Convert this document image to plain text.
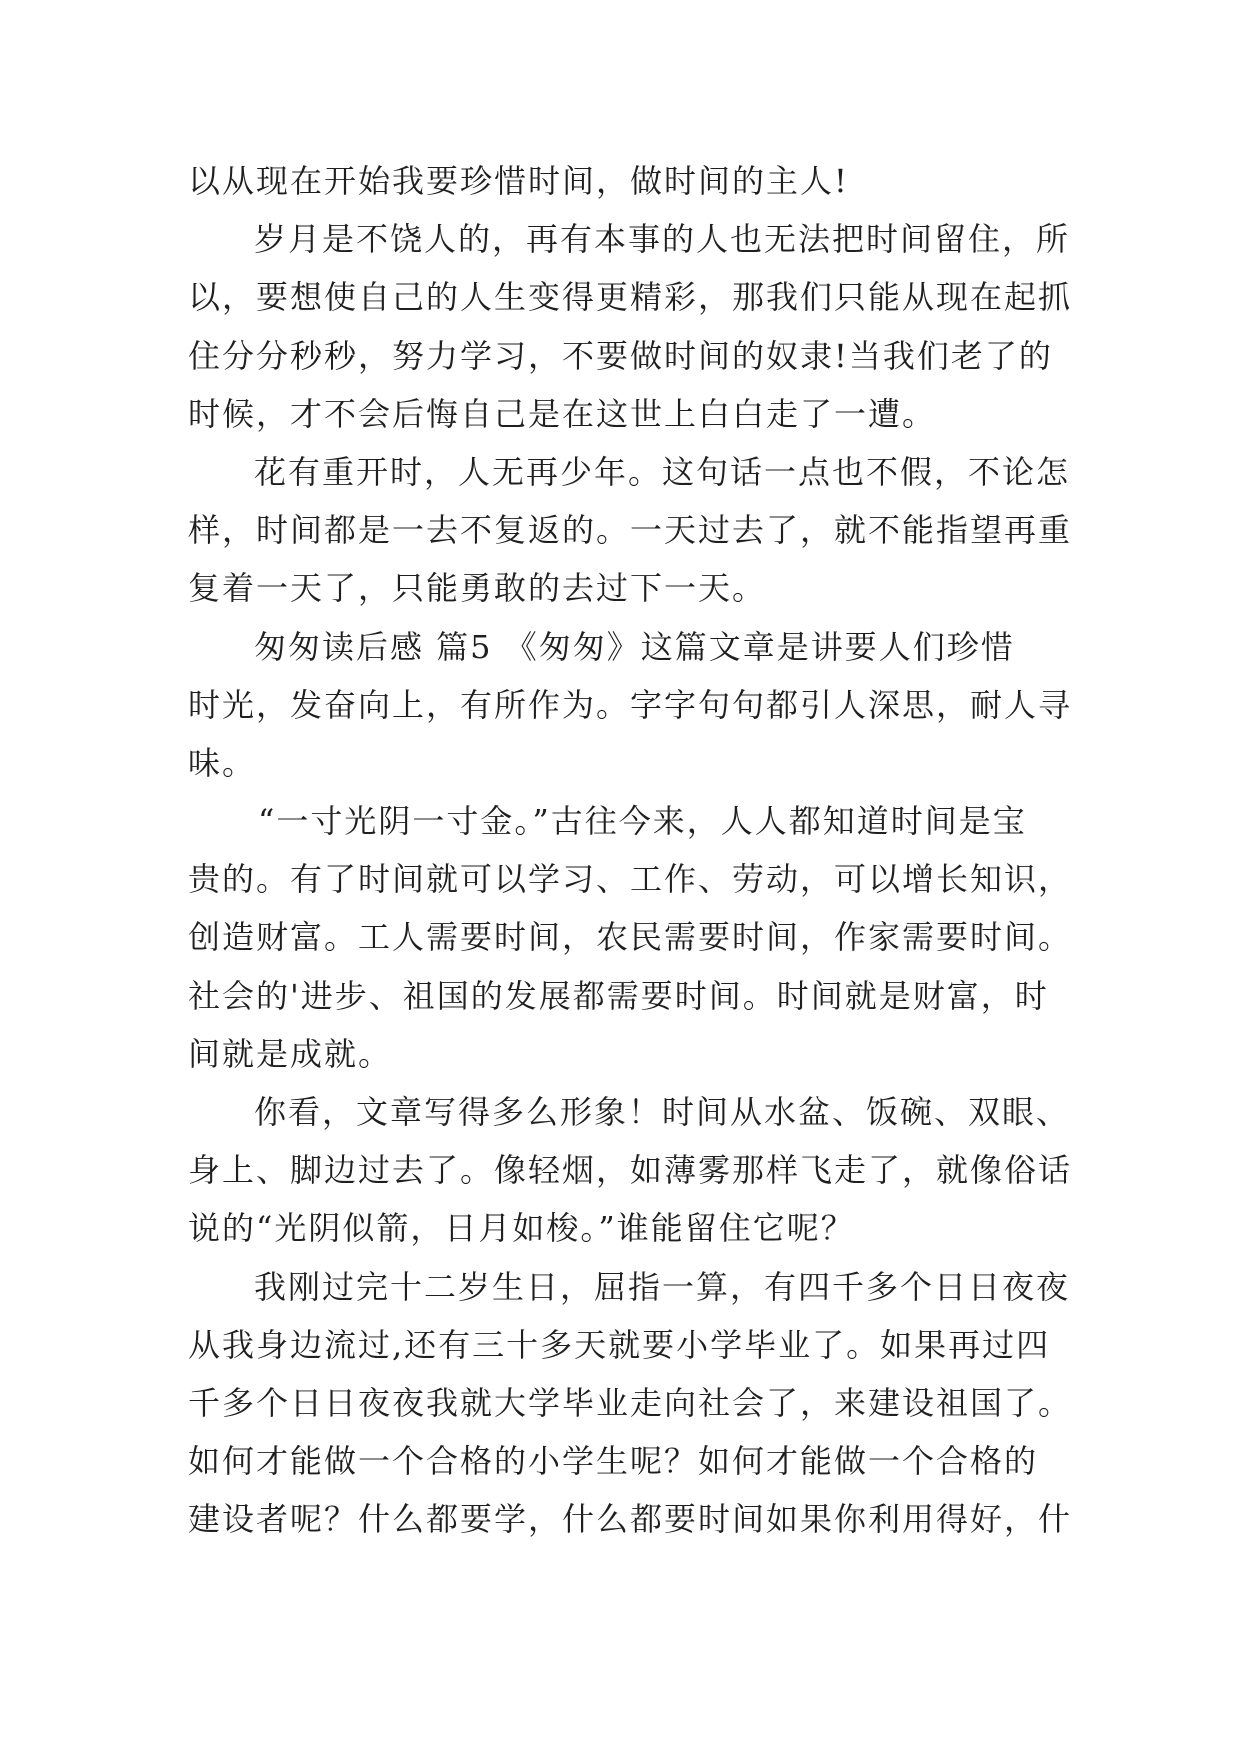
以从现在开始我要珍惜时间，做时间的主人!
岁月是不饶人的，再有本事的人也无法把时间留住，所
以，要想使自己的人生变得更精彩，那我们只能从现在起抓
住分分秒秒，努力学习，不要做时间的奴隶!当我们老了的
时候，才不会后悔自己是在这世上白白走了一遭。
花有重开时，人无再少年。这句话一点也不假，不论怎
样，时间都是一去不复返的。一天过去了，就不能指望再重
复着一天了，只能勇敢的去过下一天。
匆匆读后感 篇5 《匆匆》这篇文章是讲要人们珍惜
时光，发奋向上，有所作为。字字句句都引人深思，耐人寻
味。
“一寸光阴一寸金。”古往今来，人人都知道时间是宝
贵的。有了时间就可以学习、工作、劳动，可以增长知识，
创造财富。工人需要时间，农民需要时间，作家需要时间。
社会的'进步、祖国的发展都需要时间。时间就是财富，时
间就是成就。
你看，文章写得多么形象！时间从水盆、饭碗、双眼、
身上、脚边过去了。像轻烟，如薄雾那样飞走了，就像俗话
说的“光阴似箭，日月如梭。”谁能留住它呢？
我刚过完十二岁生日，屈指一算，有四千多个日日夜夜
从我身边流过,还有三十多天就要小学毕业了。如果再过四
千多个日日夜夜我就大学毕业走向社会了，来建设祖国了。
如何才能做一个合格的小学生呢？如何才能做一个合格的
建设者呢？什么都要学，什么都要时间如果你利用得好，什
